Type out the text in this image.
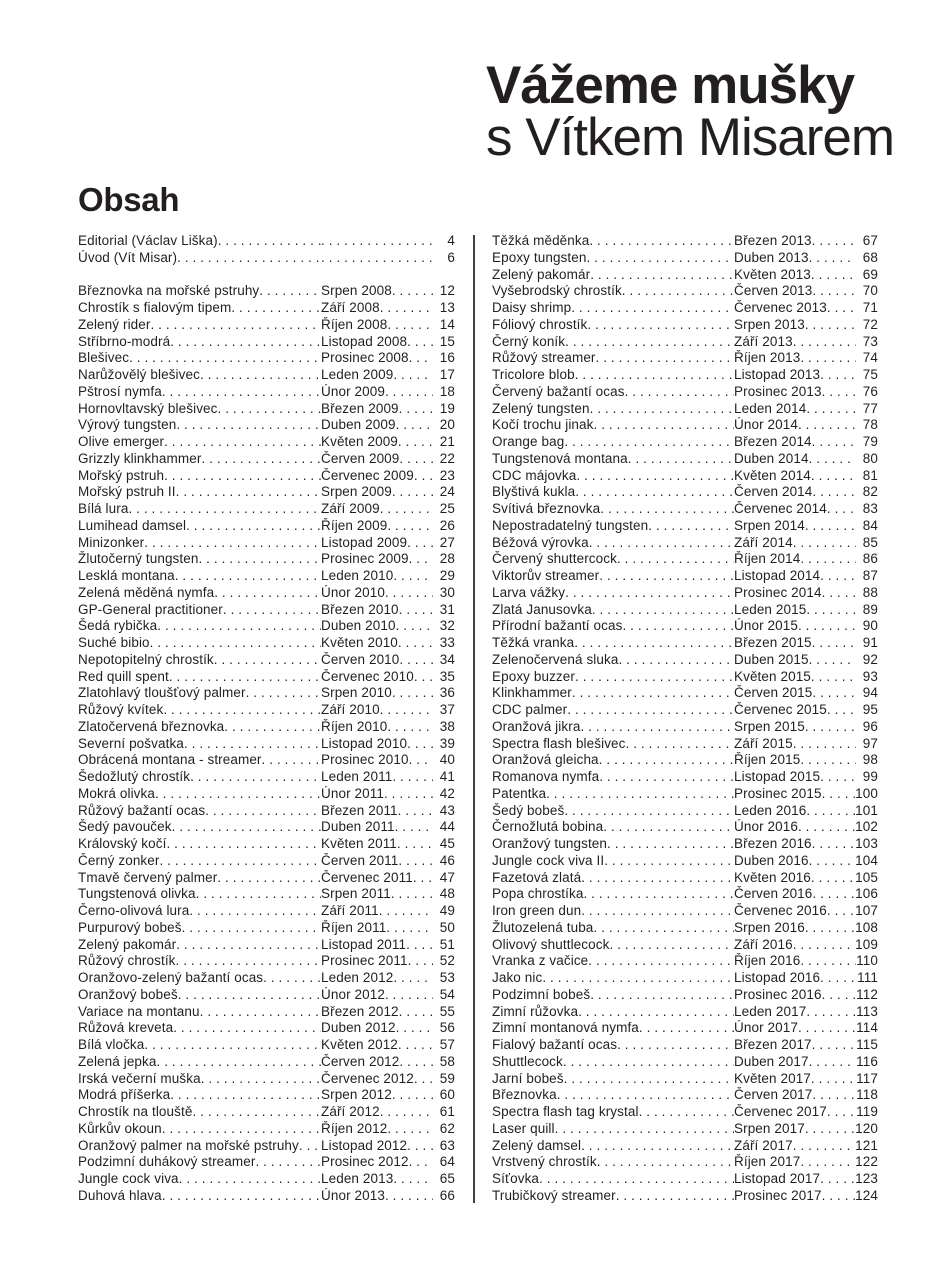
Vážeme mušky
s Vítkem Misarem
Obsah
Editorial (Václav Liška) . . . . . .	4
Úvod (Vít Misar) . . . . . .	6
Březnovka na mořské pstruhy . . .	Srpen 2008 . . .	12
Chrostík s fialovým tipem . . .	Září 2008 . . .	13
Zelený rider . . .	Říjen 2008 . . .	14
Stříbrno-modrá . . .	Listopad 2008 . . .	15
Blešivec . . .	Prosinec 2008 . . .	16
Narůžovělý blešivec . . .	Leden 2009 . . .	17
Pštrosí nymfa . . .	Únor 2009 . . .	18
Hornovltavský blešivec . . .	Březen 2009 . . .	19
Výrový tungsten . . .	Duben 2009 . . .	20
Olive emerger . . .	Květen 2009 . . .	21
Grizzly klinkhammer . . .	Červen 2009 . . .	22
Mořský pstruh . . .	Červenec 2009 . . .	23
Mořský pstruh II . . .	Srpen 2009 . . .	24
Bílá lura . . .	Září 2009 . . .	25
Lumihead damsel . . .	Říjen 2009 . . .	26
Minizonker . . .	Listopad 2009 . . .	27
Žlutočerný tungsten . . .	Prosinec 2009 . . .	28
Lesklá montana . . .	Leden 2010 . . .	29
Zelená měděná nymfa . . .	Únor 2010 . . .	30
GP-General practitioner . . .	Březen 2010 . . .	31
Šedá rybička . . .	Duben 2010 . . .	32
Suché bibio . . .	Květen 2010 . . .	33
Nepotopitelný chrostík . . .	Červen 2010 . . .	34
Red quill spent . . .	Červenec 2010 . . .	35
Zlatohlavý tloušťový palmer . . .	Srpen 2010 . . .	36
Růžový kvítek . . .	Září 2010 . . .	37
Zlatočervená březnovka . . .	Říjen 2010 . . .	38
Severní pošvatka . . .	Listopad 2010 . . .	39
Obrácená montana - streamer . . .	Prosinec 2010 . . .	40
Šedožlutý chrostík . . .	Leden 2011 . . .	41
Mokrá olivka . . .	Únor 2011 . . .	42
Růžový bažantí ocas . . .	Březen 2011 . . .	43
Šedý pavouček . . .	Duben 2011 . . .	44
Královský kočí . . .	Květen 2011 . . .	45
Černý zonker . . .	Červen 2011 . . .	46
Tmavě červený palmer . . .	Červenec 2011 . . .	47
Tungstenová olivka . . .	Srpen 2011 . . .	48
Černo-olivová lura . . .	Září 2011 . . .	49
Purpurový bobeš . . .	Říjen 2011 . . .	50
Zelený pakomár . . .	Listopad 2011 . . .	51
Růžový chrostík . . .	Prosinec 2011 . . .	52
Oranžovo-zelený bažantí ocas . . .	Leden 2012 . . .	53
Oranžový bobeš . . .	Únor 2012 . . .	54
Variace na montanu . . .	Březen 2012 . . .	55
Růžová kreveta . . .	Duben 2012 . . .	56
Bílá vločka . . .	Květen 2012 . . .	57
Zelená jepka . . .	Červen 2012 . . .	58
Irská večerní muška . . .	Červenec 2012 . . .	59
Modrá příšerka . . .	Srpen 2012 . . .	60
Chrostík na tlouště . . .	Září 2012 . . .	61
Kůrkův okoun . . .	Říjen 2012 . . .	62
Oranžový palmer na mořské pstruhy . . . Listopad 2012 . . .	63
Podzimní duhákový streamer . . .	Prosinec 2012 . . .	64
Jungle cock viva . . .	Leden 2013 . . .	65
Duhová hlava . . .	Únor 2013 . . .	66
Těžká měděnka . . .	Březen 2013 . . .	67
Epoxy tungsten . . .	Duben 2013 . . .	68
Zelený pakomár . . .	Květen 2013 . . .	69
Vyšebrodský chrostík . . .	Červen 2013 . . .	70
Daisy shrimp . . .	Červenec 2013 . . .	71
Fóliový chrostík . . .	Srpen 2013 . . .	72
Černý koník . . .	Září 2013 . . .	73
Růžový streamer . . .	Říjen 2013 . . .	74
Tricolore blob . . .	Listopad 2013 . . .	75
Červený bažantí ocas . . .	Prosinec 2013 . . .	76
Zelený tungsten . . .	Leden 2014 . . .	77
Kočí trochu jinak . . .	Únor 2014 . . .	78
Orange bag . . .	Březen 2014 . . .	79
Tungstenová montana . . .	Duben 2014 . . .	80
CDC májovka . . .	Květen 2014 . . .	81
Blyštivá kukla . . .	Červen 2014 . . .	82
Svítivá březnovka . . .	Červenec 2014 . . .	83
Nepostradatelný tungsten . . .	Srpen 2014 . . .	84
Béžová výrovka . . .	Září 2014 . . .	85
Červený shuttercock . . .	Říjen 2014 . . .	86
Viktorův streamer . . .	Listopad 2014 . . .	87
Larva vážky . . .	Prosinec 2014 . . .	88
Zlatá Janusovka . . .	Leden 2015 . . .	89
Přírodní bažantí ocas . . .	Únor 2015 . . .	90
Těžká vranka . . .	Březen 2015 . . .	91
Zelenočervená sluka . . .	Duben 2015 . . .	92
Epoxy buzzer . . .	Květen 2015 . . .	93
Klinkhammer . . .	Červen 2015 . . .	94
CDC palmer . . .	Červenec 2015 . . .	95
Oranžová jikra . . .	Srpen 2015 . . .	96
Spectra flash blešivec . . .	Září 2015 . . .	97
Oranžová gleicha . . .	Říjen 2015 . . .	98
Romanova nymfa . . .	Listopad 2015 . . .	99
Patentka . . .	Prosinec 2015 . . . 100
Šedý bobeš . . .	Leden 2016 . . .	101
Černožlutá bobina . . .	Únor 2016 . . .	102
Oranžový tungsten . . .	Březen 2016 . . .	103
Jungle cock viva II . . .	Duben 2016 . . .	104
Fazetová zlatá . . .	Květen 2016 . . .	105
Popa chrostíka . . .	Červen 2016 . . .	106
Iron green dun . . .	Červenec 2016 . . . 107
Žlutozelená tuba . . .	Srpen 2016 . . .	108
Olivový shuttlecock . . .	Září 2016 . . .	109
Vranka z vačice . . .	Říjen 2016 . . .	110
Jako nic . . .	Listopad 2016 . . .	111
Podzimní bobeš . . .	Prosinec 2016 . . .	112
Zimní růžovka . . .	Leden 2017 . . .	113
Zimní montanová nymfa . . .	Únor 2017 . . .	114
Fialový bažantí ocas . . .	Březen 2017 . . .	115
Shuttlecock . . .	Duben 2017 . . .	116
Jarní bobeš . . .	Květen 2017 . . .	117
Březnovka . . .	Červen 2017 . . .	118
Spectra flash tag krystal . . .	Červenec 2017 . . . 119
Laser quill . . .	Srpen 2017 . . .	120
Zelený damsel . . .	Září 2017 . . .	121
Vrstvený chrostík . . .	Říjen 2017 . . .	122
Síťovka . . .	Listopad 2017 . . .	123
Trubičkový streamer . . .	Prosinec 2017 . . . 124
